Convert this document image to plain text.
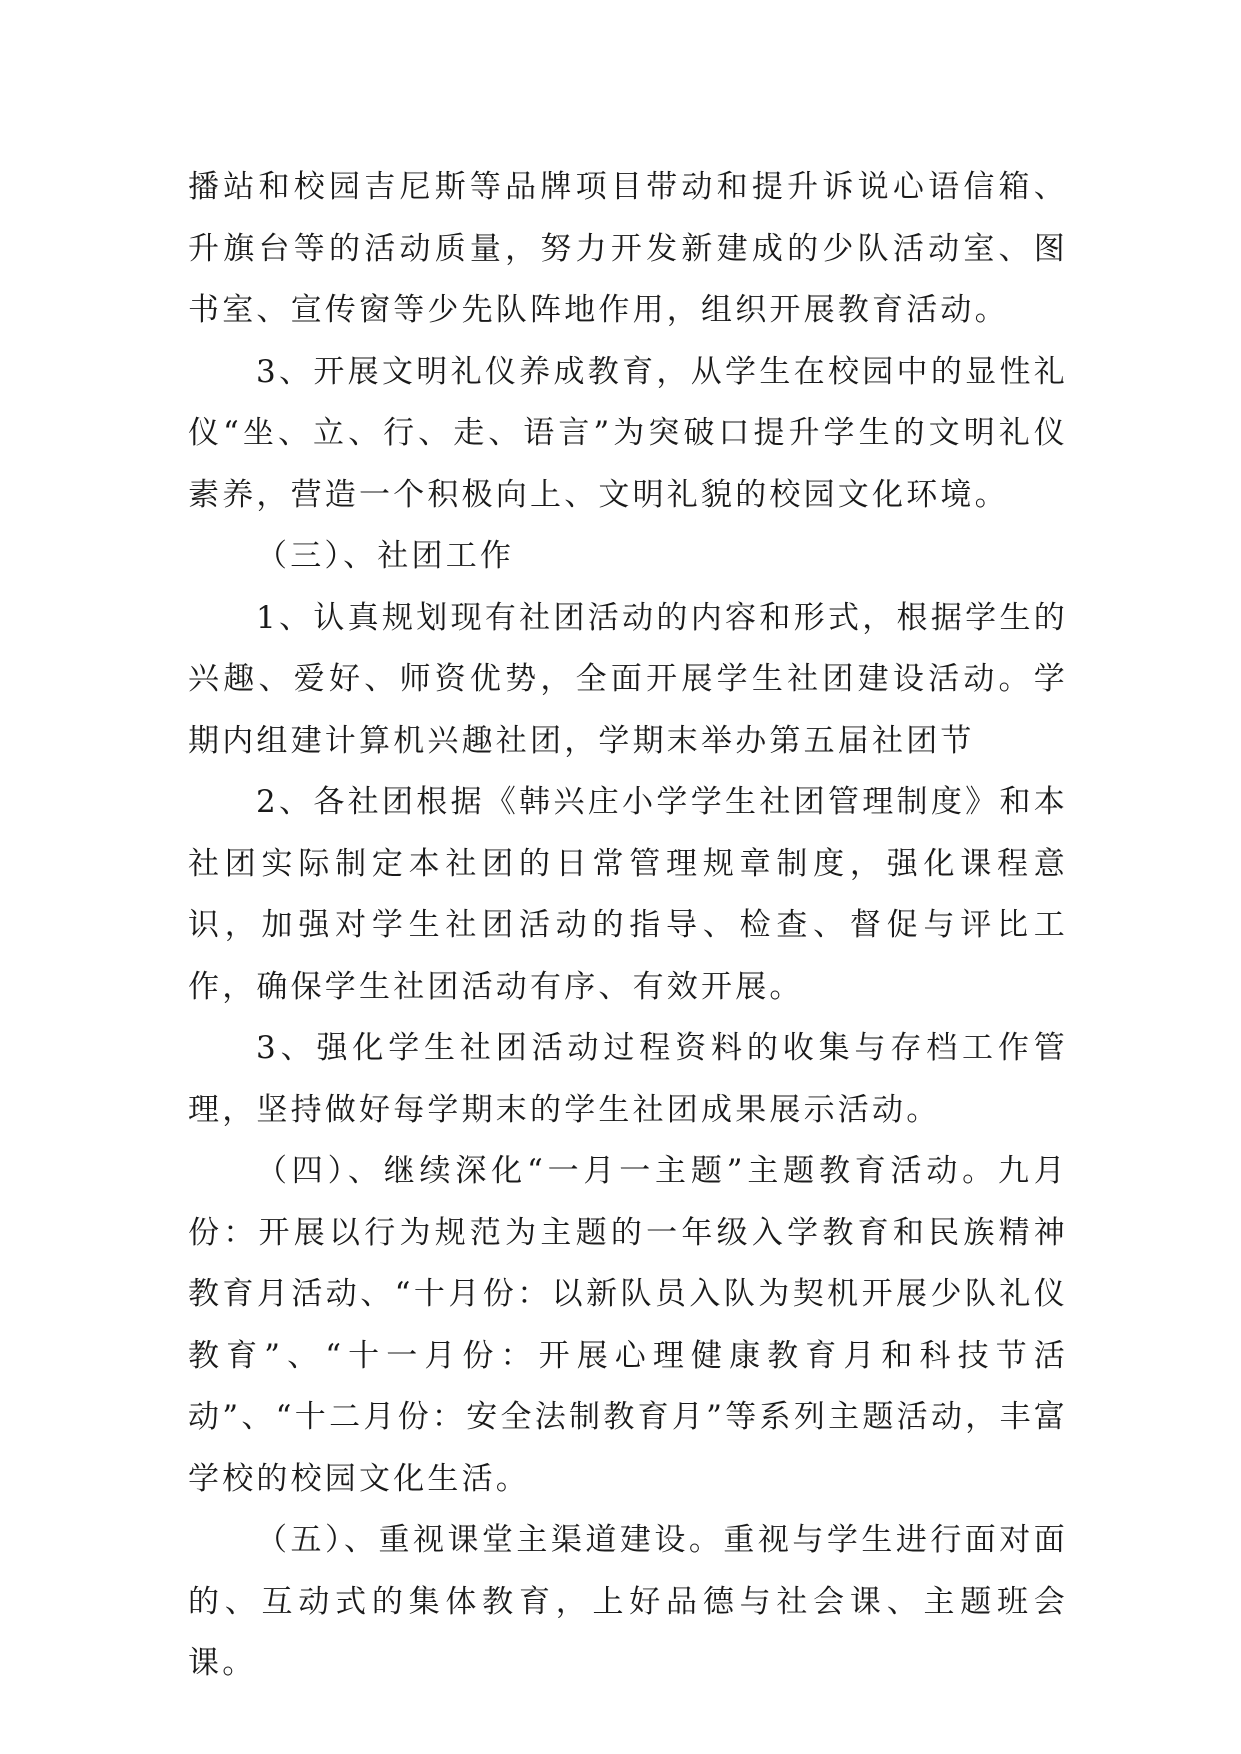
播站和校园吉尼斯等品牌项目带动和提升诉说心语信箱、升旗台等的活动质量，努力开发新建成的少队活动室、图书室、宣传窗等少先队阵地作用，组织开展教育活动。

3、开展文明礼仪养成教育，从学生在校园中的显性礼仪“坐、立、行、走、语言”为突破口提升学生的文明礼仪素养，营造一个积极向上、文明礼貌的校园文化环境。

（三）、社团工作

1、认真规划现有社团活动的内容和形式，根据学生的兴趣、爱好、师资优势，全面开展学生社团建设活动。学期内组建计算机兴趣社团，学期末举办第五届社团节

2、各社团根据《韩兴庄小学学生社团管理制度》和本社团实际制定本社团的日常管理规章制度，强化课程意识，加强对学生社团活动的指导、检查、督促与评比工作，确保学生社团活动有序、有效开展。

3、强化学生社团活动过程资料的收集与存档工作管理，坚持做好每学期末的学生社团成果展示活动。

（四）、继续深化“一月一主题”主题教育活动。九月份：开展以行为规范为主题的一年级入学教育和民族精神教育月活动、“十月份：以新队员入队为契机开展少队礼仪教育”、“十一月份：开展心理健康教育月和科技节活动”、“十二月份：安全法制教育月”等系列主题活动，丰富学校的校园文化生活。

（五）、重视课堂主渠道建设。重视与学生进行面对面的、互动式的集体教育，上好品德与社会课、主题班会课。
